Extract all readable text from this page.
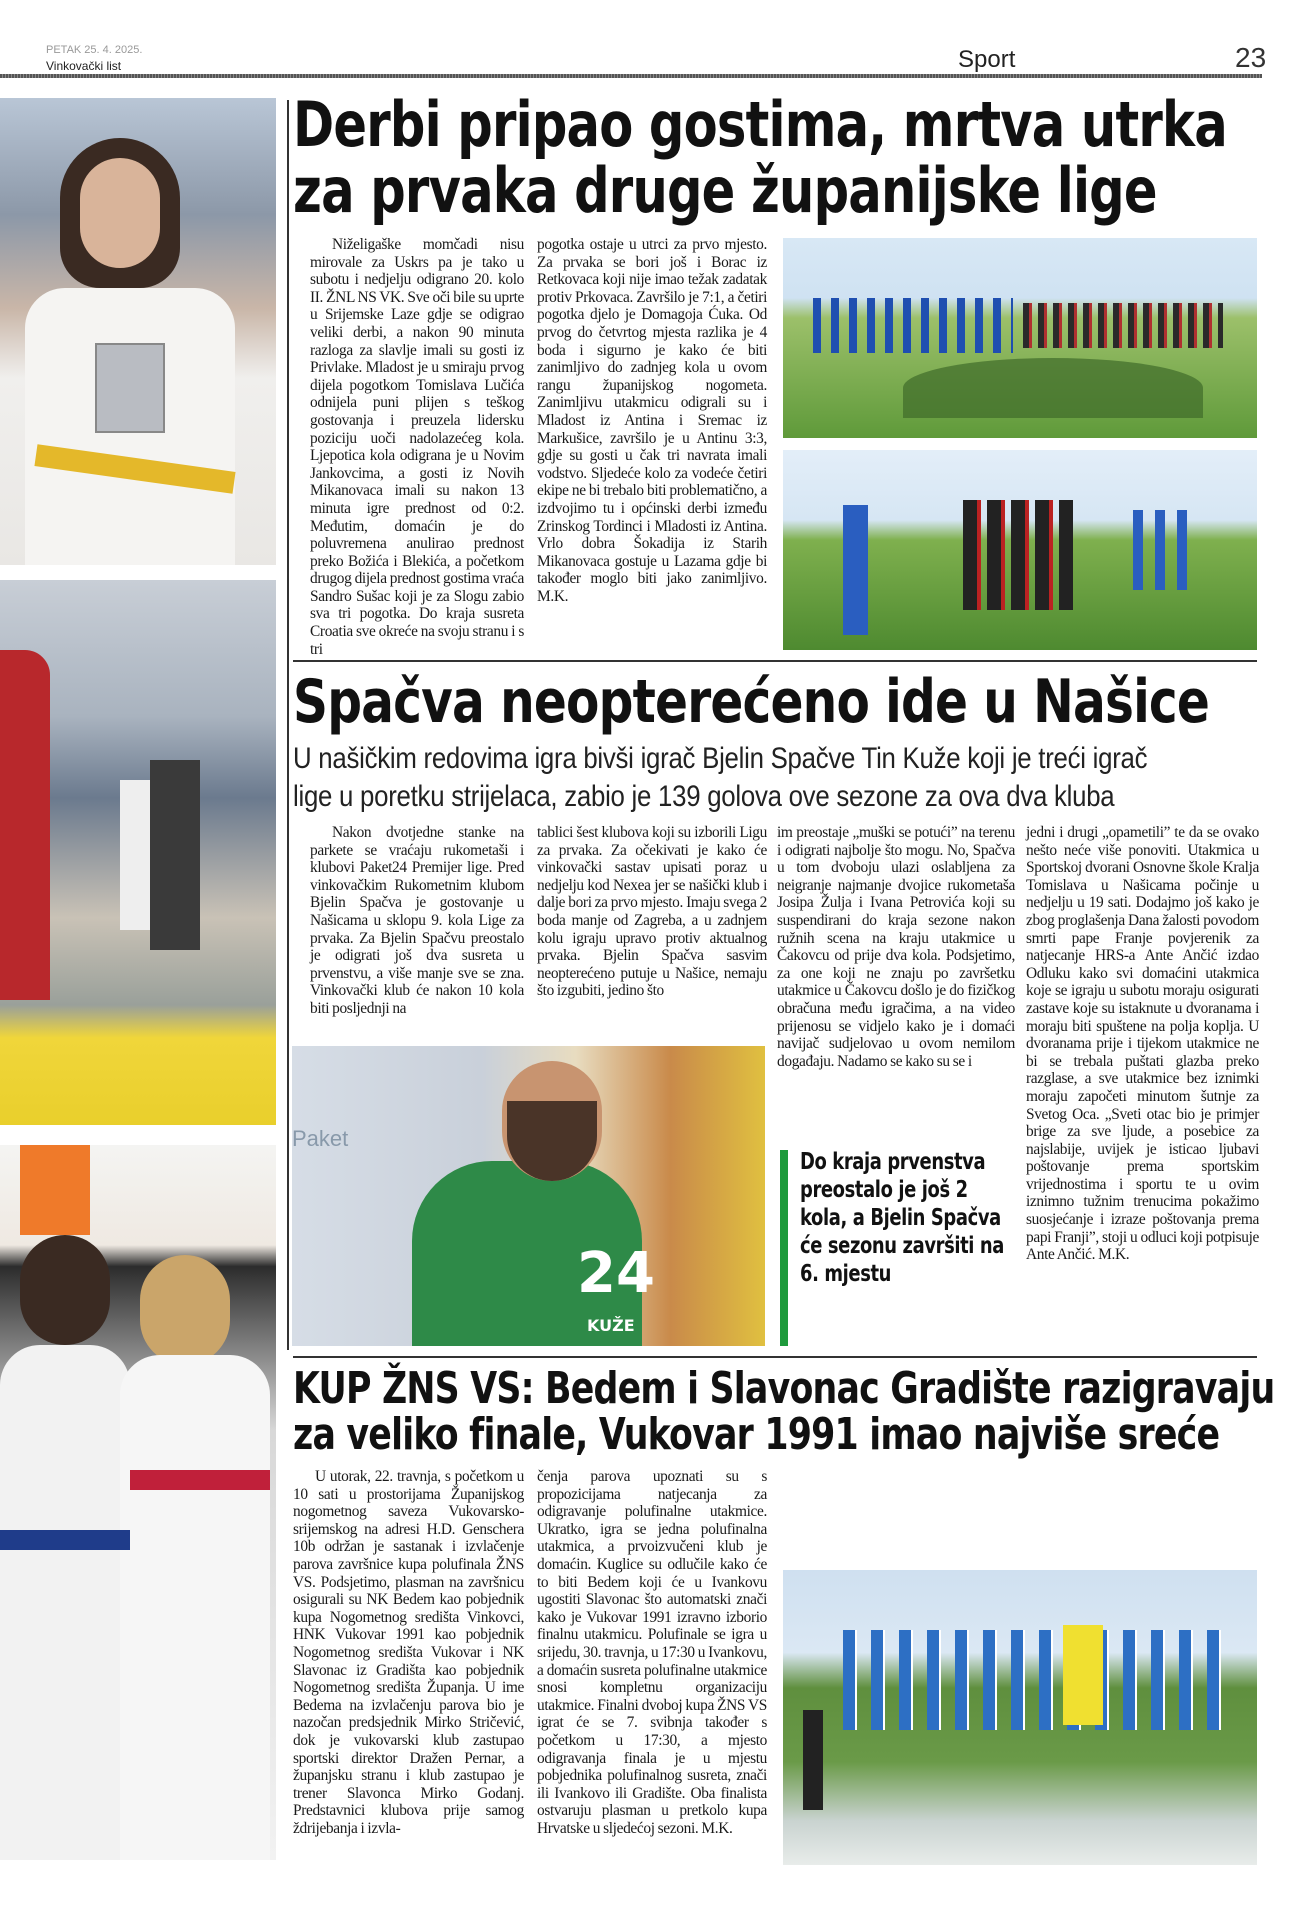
PETAK 25. 4. 2025.
Vinkovački list	Sport	23
Derbi pripao gostima, mrtva utrka
za prvaka druge županijske lige
Niželigaške momčadi nisu mirovale za Uskrs pa je tako u subotu i nedjelju odigrano 20. kolo II. ŽNL NS VK. Sve oči bile su uprte u Srijemske Laze gdje se odigrao veliki derbi, a nakon 90 minuta razloga za slavlje imali su gosti iz Privlake. Mladost je u smiraju prvog dijela pogotkom Tomislava Lučića odnijela puni plijen s teškog gostovanja i preuzela lidersku poziciju uoči nadolazećeg kola. Ljepotica kola odigrana je u Novim Jankovcima, a gosti iz Novih Mikanovaca imali su nakon 13 minuta igre prednost od 0:2. Međutim, domaćin je do poluvremena anulirao prednost preko Božića i Blekića, a početkom drugog dijela prednost gostima vraća Sandro Sušac koji je za Slogu zabio sva tri pogotka. Do kraja susreta Croatia sve okreće na svoju stranu i s tri
pogotka ostaje u utrci za prvo mjesto. Za prvaka se bori još i Borac iz Retkovaca koji nije imao težak zadatak protiv Prkovaca. Završilo je 7:1, a četiri pogotka djelo je Domagoja Ćuka. Od prvog do četvrtog mjesta razlika je 4 boda i sigurno je kako će biti zanimljivo do zadnjeg kola u ovom rangu županijskog nogometa. Zanimljivu utakmicu odigrali su i Mladost iz Antina i Sremac iz Markušice, završilo je u Antinu 3:3, gdje su gosti u čak tri navrata imali vodstvo. Sljedeće kolo za vodeće četiri ekipe ne bi trebalo biti problematično, a izdvojimo tu i općinski derbi između Zrinskog Tordinci i Mladosti iz Antina. Vrlo dobra Šokadija iz Starih Mikanovaca gostuje u Lazama gdje bi također moglo biti jako zanimljivo. M.K.
Spačva neopterećeno ide u Našice
U našičkim redovima igra bivši igrač Bjelin Spačve Tin Kuže koji je treći igrač
lige u poretku strijelaca, zabio je 139 golova ove sezone za ova dva kluba
Nakon dvotjedne stanke na parkete se vraćaju rukometaši i klubovi Paket24 Premijer lige. Pred vinkovačkim Rukometnim klubom Bjelin Spačva je gostovanje u Našicama u sklopu 9. kola Lige za prvaka. Za Bjelin Spačvu preostalo je odigrati još dva susreta u prvenstvu, a više manje sve se zna. Vinkovački klub će nakon 10 kola biti posljednji na
tablici šest klubova koji su izborili Ligu za prvaka. Za očekivati je kako će vinkovački sastav upisati poraz u nedjelju kod Nexea jer se našički klub i dalje bori za prvo mjesto. Imaju svega 2 boda manje od Zagreba, a u zadnjem kolu igraju upravo protiv aktualnog prvaka. Bjelin Spačva sasvim neopterećeno putuje u Našice, nemaju što izgubiti, jedino što
im preostaje „muški se potući” na terenu i odigrati najbolje što mogu. No, Spačva u tom dvoboju ulazi oslabljena za neigranje najmanje dvojice rukometaša Josipa Žulja i Ivana Petrovića koji su suspendirani do kraja sezone nakon ružnih scena na kraju utakmice u Čakovcu od prije dva kola. Podsjetimo, za one koji ne znaju po završetku utakmice u Čakovcu došlo je do fizičkog obračuna među igračima, a na video prijenosu se vidjelo kako je i domaći navijač sudjelovao u ovom nemilom događaju. Nadamo se kako su se i
jedni i drugi „opametili” te da se ovako nešto neće više ponoviti. Utakmica u Sportskoj dvorani Osnovne škole Kralja Tomislava u Našicama počinje u nedjelju u 19 sati. Dodajmo još kako je zbog proglašenja Dana žalosti povodom smrti pape Franje povjerenik za natjecanje HRS-a Ante Ančić izdao Odluku kako svi domaćini utakmica koje se igraju u subotu moraju osigurati zastave koje su istaknute u dvoranama i moraju biti spuštene na polja koplja. U dvoranama prije i tijekom utakmice ne bi se trebala puštati glazba preko razglase, a sve utakmice bez iznimki moraju započeti minutom šutnje za Svetog Oca. „Sveti otac bio je primjer brige za sve ljude, a posebice za najslabije, uvijek je isticao ljubavi poštovanje prema sportskim vrijednostima i sportu te u ovim iznimno tužnim trenucima pokažimo suosjećanje i izraze poštovanja prema papi Franji”, stoji u odluci koji potpisuje Ante Ančić. M.K.
Paket
24
KUŽE
Do kraja prvenstva preostalo je još 2 kola, a Bjelin Spačva će sezonu završiti na 6. mjestu
KUP ŽNS VS: Bedem i Slavonac Gradište razigravaju
za veliko finale, Vukovar 1991 imao najviše sreće
U utorak, 22. travnja, s početkom u 10 sati u prostorijama Županijskog nogometnog saveza Vukovarsko-srijemskog na adresi H.D. Genschera 10b održan je sastanak i izvlačenje parova završnice kupa polufinala ŽNS VS. Podsjetimo, plasman na završnicu osigurali su NK Bedem kao pobjednik kupa Nogometnog središta Vinkovci, HNK Vukovar 1991 kao pobjednik Nogometnog središta Vukovar i NK Slavonac iz Gradišta kao pobjednik Nogometnog središta Županja. U ime Bedema na izvlačenju parova bio je nazočan predsjednik Mirko Stričević, dok je vukovarski klub zastupao sportski direktor Dražen Pernar, a županjsku stranu i klub zastupao je trener Slavonca Mirko Godanj. Predstavnici klubova prije samog ždrijebanja i izvla-
čenja parova upoznati su s propozicijama natjecanja za odigravanje polufinalne utakmice. Ukratko, igra se jedna polufinalna utakmica, a prvoizvučeni klub je domaćin. Kuglice su odlučile kako će to biti Bedem koji će u Ivankovu ugostiti Slavonac što automatski znači kako je Vukovar 1991 izravno izborio finalnu utakmicu. Polufinale se igra u srijedu, 30. travnja, u 17:30 u Ivankovu, a domaćin susreta polufinalne utakmice snosi kompletnu organizaciju utakmice. Finalni dvoboj kupa ŽNS VS igrat će se 7. svibnja također s početkom u 17:30, a mjesto odigravanja finala je u mjestu pobjednika polufinalnog susreta, znači ili Ivankovo ili Gradište. Oba finalista ostvaruju plasman u pretkolo kupa Hrvatske u sljedećoj sezoni. M.K.
